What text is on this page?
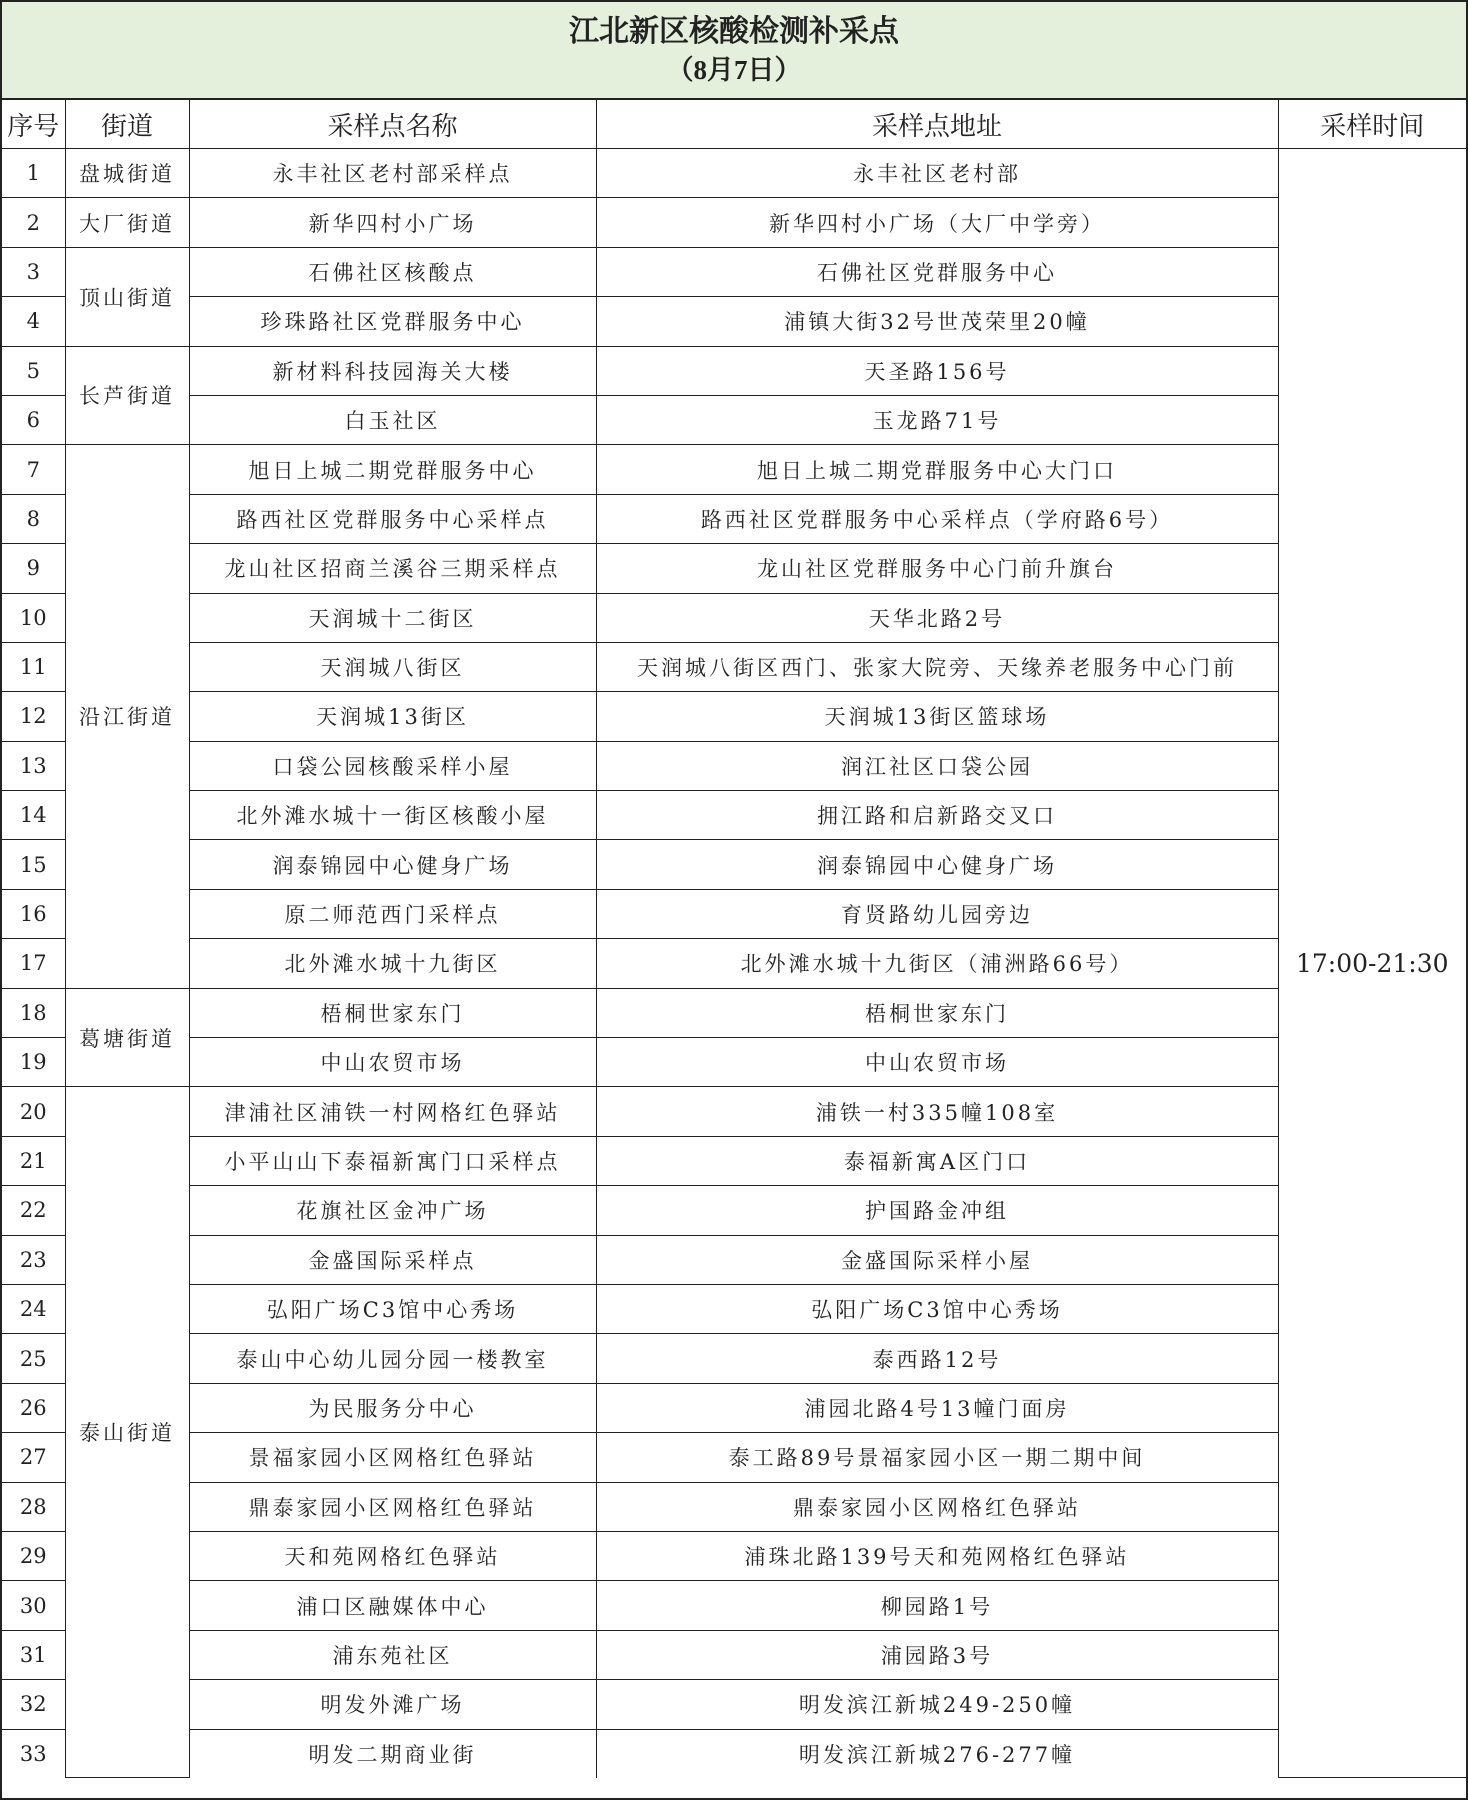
江北新区核酸检测补采点
（8月7日）
序号	街道	采样点名称	采样点地址	采样时间
1	盘城街道	永丰社区老村部采样点	永丰社区老村部	17:00-21:30
2	大厂街道	新华四村小广场	新华四村小广场（大厂中学旁）	
3	顶山街道	石佛社区核酸点	石佛社区党群服务中心	
4		珍珠路社区党群服务中心	浦镇大街32号世茂荣里20幢	
5	长芦街道	新材料科技园海关大楼	天圣路156号	
6		白玉社区	玉龙路71号	
7	沿江街道	旭日上城二期党群服务中心	旭日上城二期党群服务中心大门口	
8		路西社区党群服务中心采样点	路西社区党群服务中心采样点（学府路6号）	
9		龙山社区招商兰溪谷三期采样点	龙山社区党群服务中心门前升旗台	
10		天润城十二街区	天华北路2号	
11		天润城八街区	天润城八街区西门、张家大院旁、天缘养老服务中心门前	
12		天润城13街区	天润城13街区篮球场	
13		口袋公园核酸采样小屋	润江社区口袋公园	
14		北外滩水城十一街区核酸小屋	拥江路和启新路交叉口	
15		润泰锦园中心健身广场	润泰锦园中心健身广场	
16		原二师范西门采样点	育贤路幼儿园旁边	
17		北外滩水城十九街区	北外滩水城十九街区（浦洲路66号）	
18	葛塘街道	梧桐世家东门	梧桐世家东门	
19		中山农贸市场	中山农贸市场	
20	泰山街道	津浦社区浦铁一村网格红色驿站	浦铁一村335幢108室	
21		小平山山下泰福新寓门口采样点	泰福新寓A区门口	
22		花旗社区金冲广场	护国路金冲组	
23		金盛国际采样点	金盛国际采样小屋	
24		弘阳广场C3馆中心秀场	弘阳广场C3馆中心秀场	
25		泰山中心幼儿园分园一楼教室	泰西路12号	
26		为民服务分中心	浦园北路4号13幢门面房	
27		景福家园小区网格红色驿站	泰工路89号景福家园小区一期二期中间	
28		鼎泰家园小区网格红色驿站	鼎泰家园小区网格红色驿站	
29		天和苑网格红色驿站	浦珠北路139号天和苑网格红色驿站	
30		浦口区融媒体中心	柳园路1号	
31		浦东苑社区	浦园路3号	
32		明发外滩广场	明发滨江新城249-250幢	
33		明发二期商业街	明发滨江新城276-277幢	
